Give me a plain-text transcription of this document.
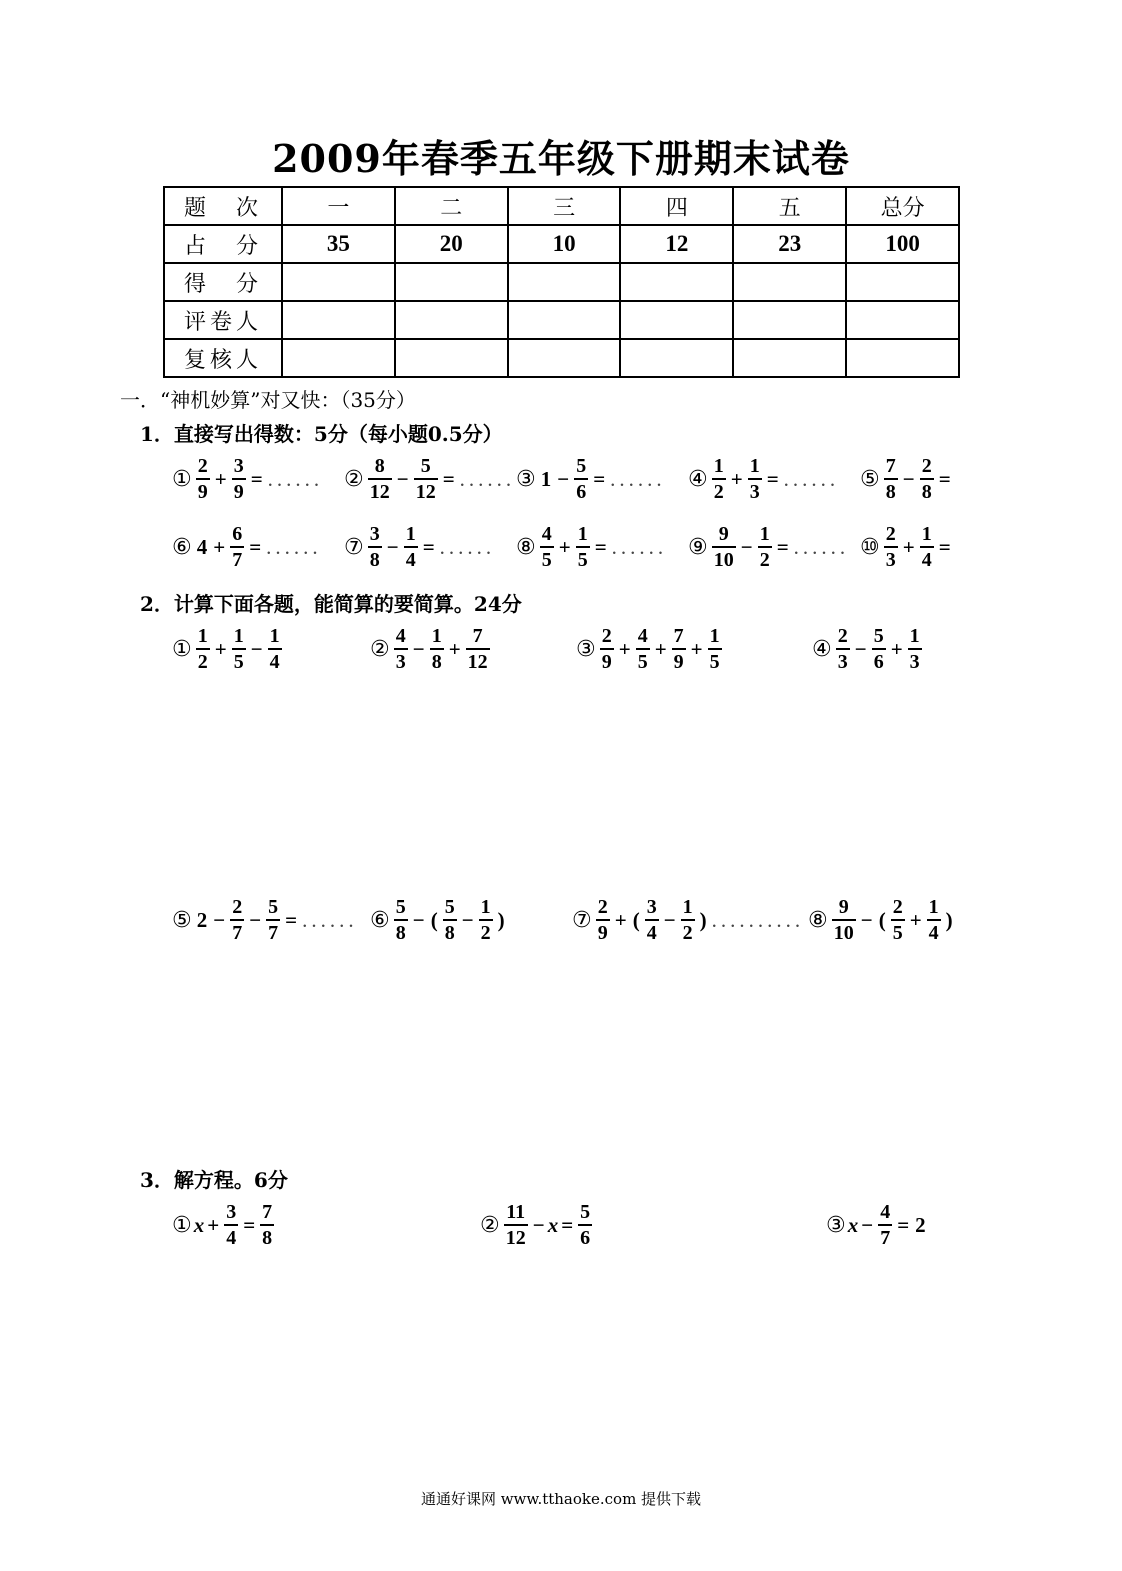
2009年春季五年级下册期末试卷
题　次	一	二	三	四	五	总分
占　分	35	20	10	12	23	100
得　分						
评卷人						
复核人						
一．“神机妙算”对又快：（35分）
1．直接写出得数：5分（每小题0.5分）
① $\frac{2}{9} + \frac{3}{9}$ = ...... ② $\frac{8}{12} - \frac{5}{12}$ = ...... ③ $1 - \frac{5}{6}$ = ...... ④ $\frac{1}{2} + \frac{1}{3}$ = ...... ⑤ $\frac{7}{8} - \frac{2}{8}$ =
⑥ $4 + \frac{6}{7}$ = ...... ⑦ $\frac{3}{8} - \frac{1}{4}$ = ...... ⑧ $\frac{4}{5} + \frac{1}{5}$ = ...... ⑨ $\frac{9}{10} - \frac{1}{2}$ = ...... ⑩ $\frac{2}{3} + \frac{1}{4}$ =
2．计算下面各题，能简算的要简算。24分
① $\frac{1}{2} + \frac{1}{5} - \frac{1}{4}$	② $\frac{4}{3} - \frac{1}{8} + \frac{7}{12}$	③ $\frac{2}{9} + \frac{4}{5} + \frac{7}{9} + \frac{1}{5}$	④ $\frac{2}{3} - \frac{5}{6} + \frac{1}{3}$
⑤ $2 - \frac{2}{7} - \frac{5}{7}$ = ...... ⑥ $\frac{5}{8}$ − ( $\frac{5}{8} - \frac{1}{2}$ )	⑦ $\frac{2}{9}$ + ( $\frac{3}{4} - \frac{1}{2}$ ) .......... ⑧ $\frac{9}{10}$ − ( $\frac{2}{5} + \frac{1}{4}$ )
3．解方程。6分
① $x + \frac{3}{4} = \frac{7}{8}$	② $\frac{11}{12} - x = \frac{5}{6}$	③ $x - \frac{4}{7} = 2$
通通好课网 www.tthaoke.com 提供下载
